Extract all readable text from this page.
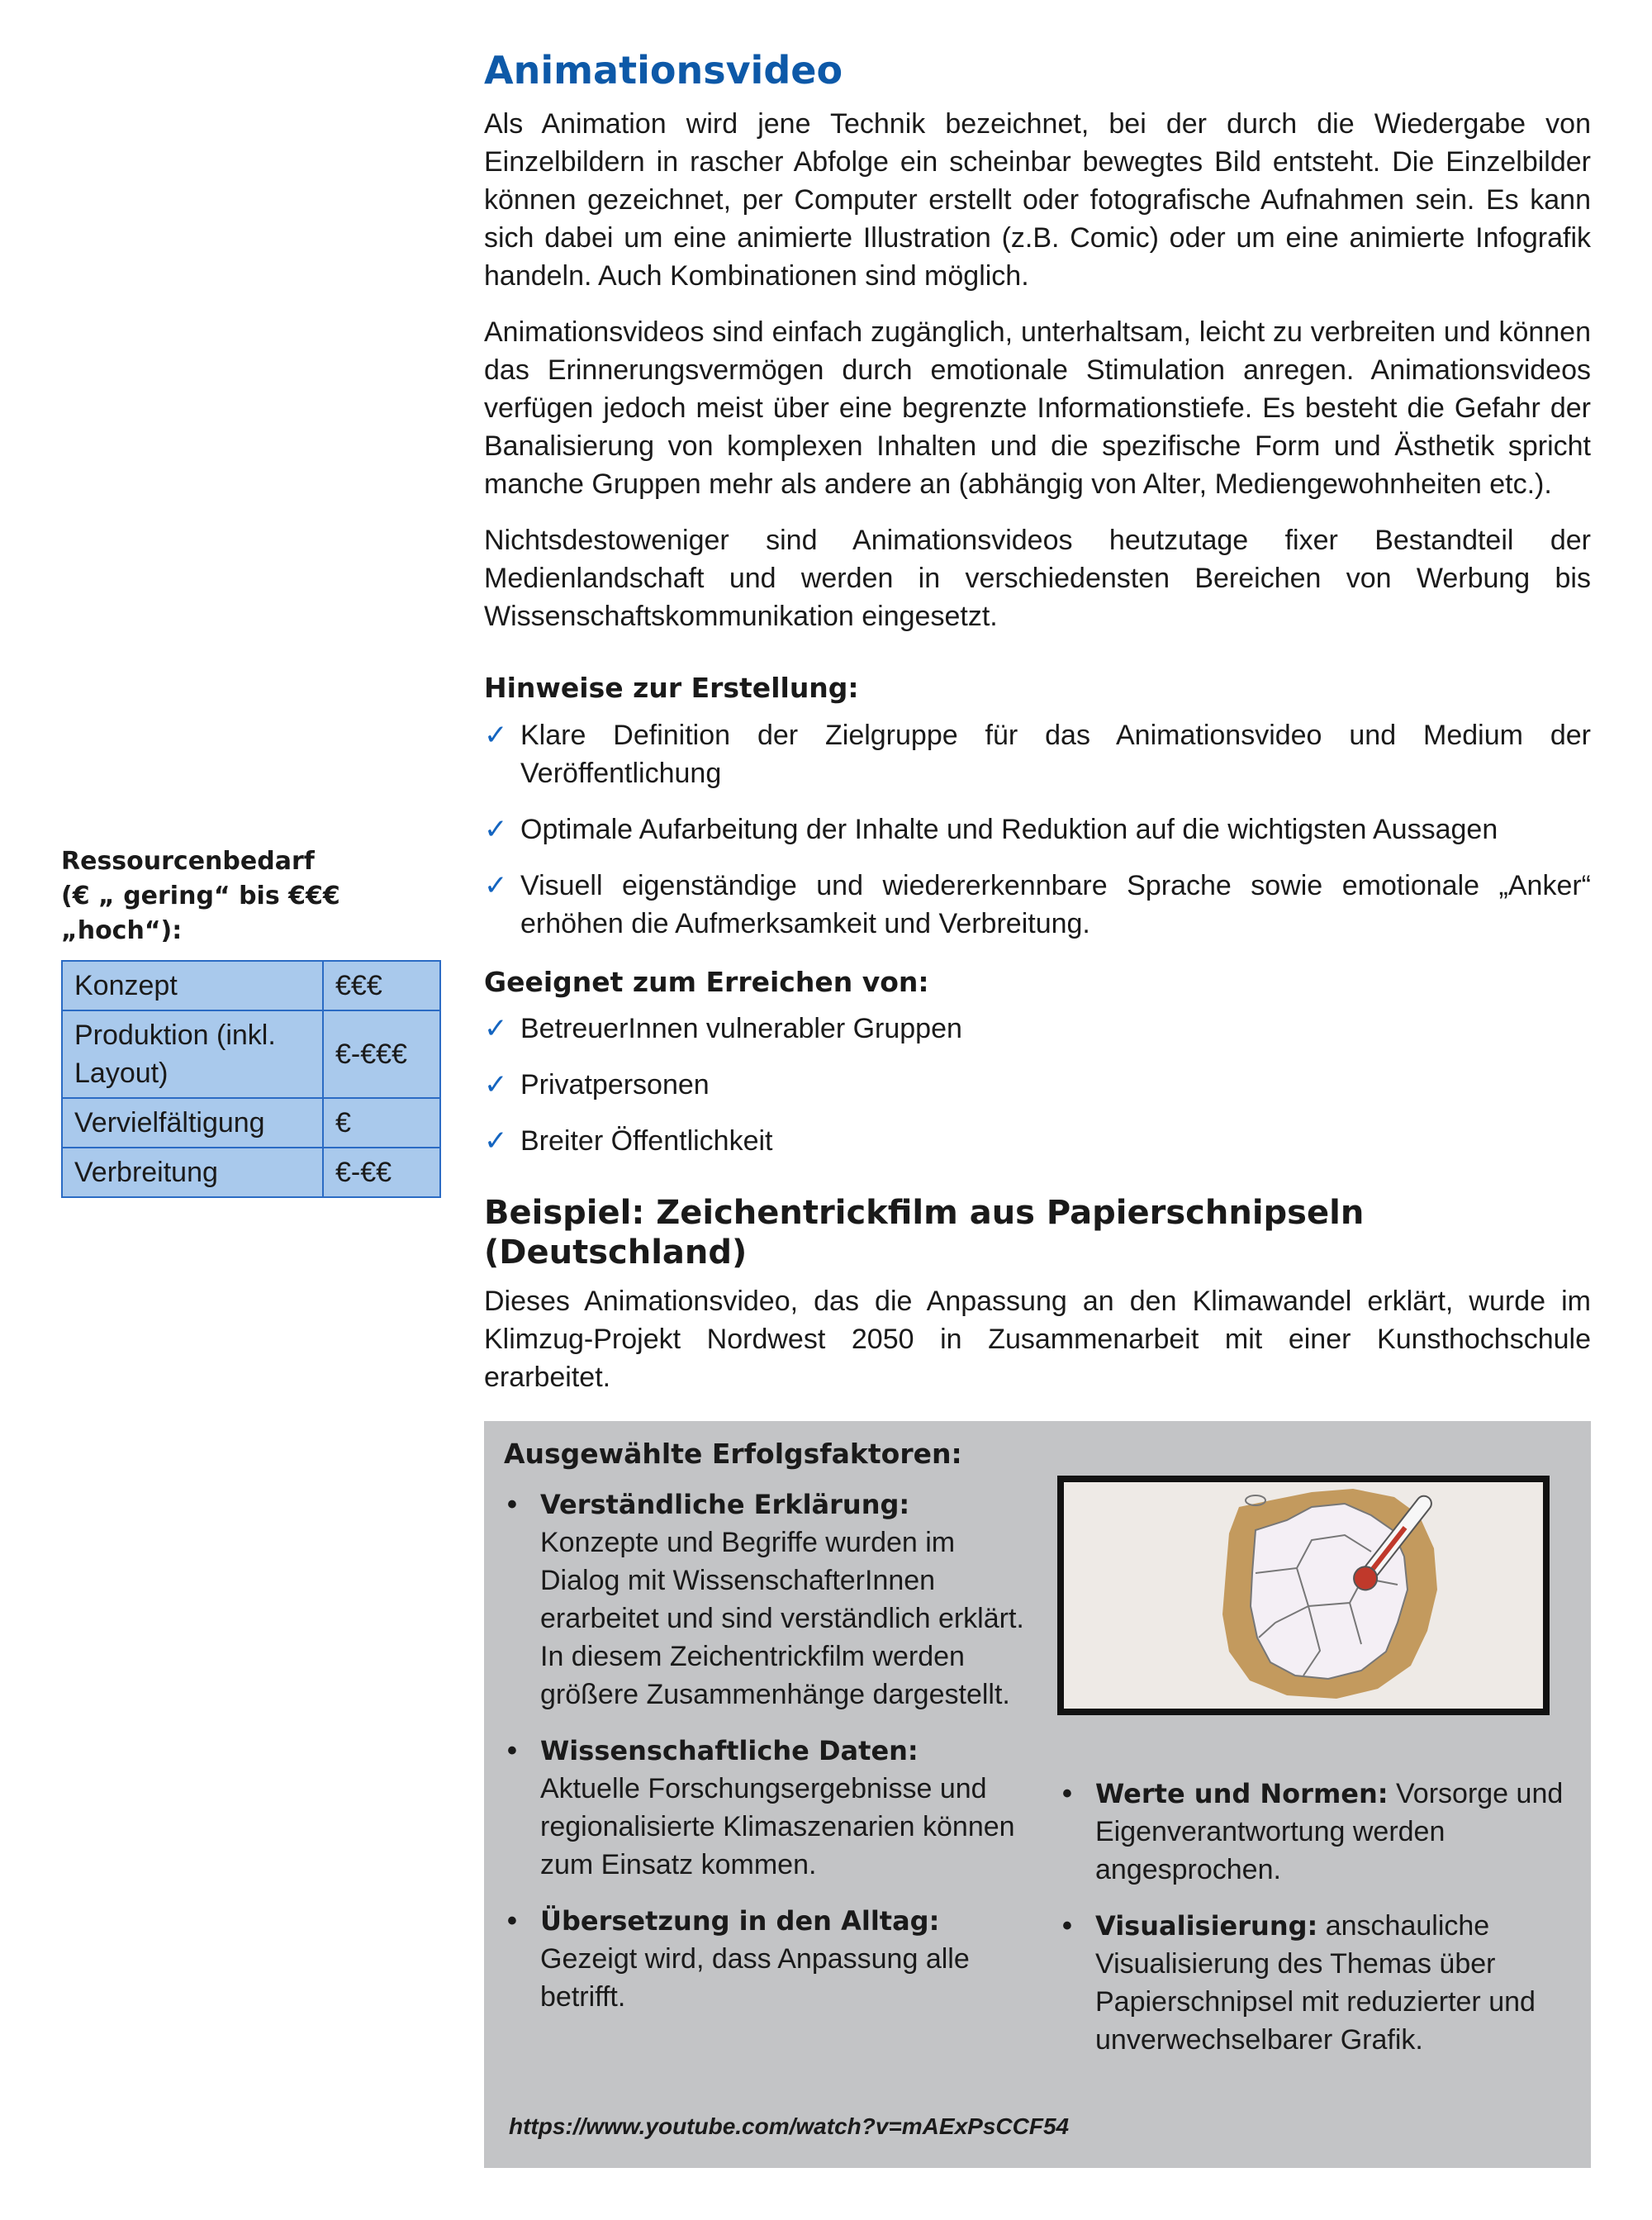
Animationsvideo

Als Animation wird jene Technik bezeichnet, bei der durch die Wiedergabe von Einzelbildern in rascher Abfolge ein scheinbar bewegtes Bild entsteht. Die Einzelbilder können gezeichnet, per Computer erstellt oder fotografische Aufnahmen sein. Es kann sich dabei um eine animierte Illustration (z.B. Comic) oder um eine animierte Infografik handeln. Auch Kombinationen sind möglich.

Animationsvideos sind einfach zugänglich, unterhaltsam, leicht zu verbreiten und können das Erinnerungsvermögen durch emotionale Stimulation anregen. Animationsvideos verfügen jedoch meist über eine begrenzte Informationstiefe. Es besteht die Gefahr der Banalisierung von komplexen Inhalten und die spezifische Form und Ästhetik spricht manche Gruppen mehr als andere an (abhängig von Alter, Mediengewohnheiten etc.).

Nichtsdestoweniger sind Animationsvideos heutzutage fixer Bestandteil der Medienlandschaft und werden in verschiedensten Bereichen von Werbung bis Wissenschaftskommunikation eingesetzt.

Hinweise zur Erstellung:
✓ Klare Definition der Zielgruppe für das Animationsvideo und Medium der Veröffentlichung
✓ Optimale Aufarbeitung der Inhalte und Reduktion auf die wichtigsten Aussagen
✓ Visuell eigenständige und wiedererkennbare Sprache sowie emotionale „Anker“ erhöhen die Aufmerksamkeit und Verbreitung.
Geeignet zum Erreichen von:
✓ BetreuerInnen vulnerabler Gruppen
✓ Privatpersonen
✓ Breiter Öffentlichkeit
Beispiel: Zeichentrickfilm aus Papierschnipseln (Deutschland)

Dieses Animationsvideo, das die Anpassung an den Klimawandel erklärt, wurde im Klimzug-Projekt Nordwest 2050 in Zusammenarbeit mit einer Kunsthochschule erarbeitet.

Ressourcenbedarf
(€ „ gering“ bis €€€ „hoch“):
Konzept	€€€
Produktion (inkl. Layout)	€-€€€
Vervielfältigung	€
Verbreitung	€-€€
Ausgewählte Erfolgsfaktoren:
• Verständliche Erklärung: Konzepte und Begriffe wurden im Dialog mit WissenschafterInnen erarbeitet und sind verständlich erklärt. In diesem Zeichentrickfilm werden größere Zusammenhänge dargestellt.
• Wissenschaftliche Daten: Aktuelle Forschungsergebnisse und regionalisierte Klimaszenarien können zum Einsatz kommen.
• Übersetzung in den Alltag: Gezeigt wird, dass Anpassung alle betrifft.
• Werte und Normen: Vorsorge und Eigenverantwortung werden angesprochen.
• Visualisierung: anschauliche Visualisierung des Themas über Papierschnipsel mit reduzierter und unverwechselbarer Grafik.
https://www.youtube.com/watch?v=mAExPsCCF54
